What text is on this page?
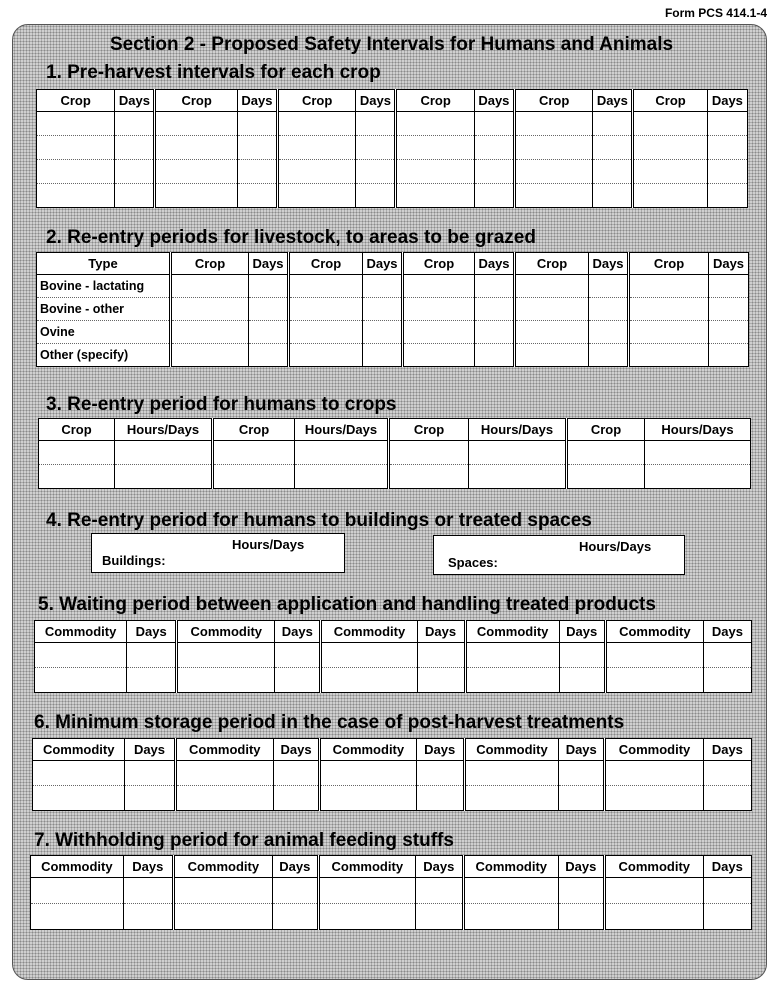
Form PCS 414.1-4
Section 2 - Proposed Safety Intervals for Humans and Animals
1. Pre-harvest intervals for each crop
Crop	Days	Crop	Days	Crop	Days	Crop	Days	Crop	Days	Crop	Days

2. Re-entry periods for livestock, to areas to be grazed
Type	Crop	Days	Crop	Days	Crop	Days	Crop	Days	Crop	Days
Bovine - lactating										
Bovine - other										
Ovine										
Other (specify)										
3. Re-entry period for humans to crops
Crop	Hours/Days	Crop	Hours/Days	Crop	Hours/Days	Crop	Hours/Days

4. Re-entry period for humans to buildings or treated spaces
Hours/Days
Buildings:
Hours/Days
Spaces:
5. Waiting period between application and handling treated products
Commodity	Days	Commodity	Days	Commodity	Days	Commodity	Days	Commodity	Days

6. Minimum storage period in the case of post-harvest treatments
Commodity	Days	Commodity	Days	Commodity	Days	Commodity	Days	Commodity	Days

7. Withholding period for animal feeding stuffs
Commodity	Days	Commodity	Days	Commodity	Days	Commodity	Days	Commodity	Days
